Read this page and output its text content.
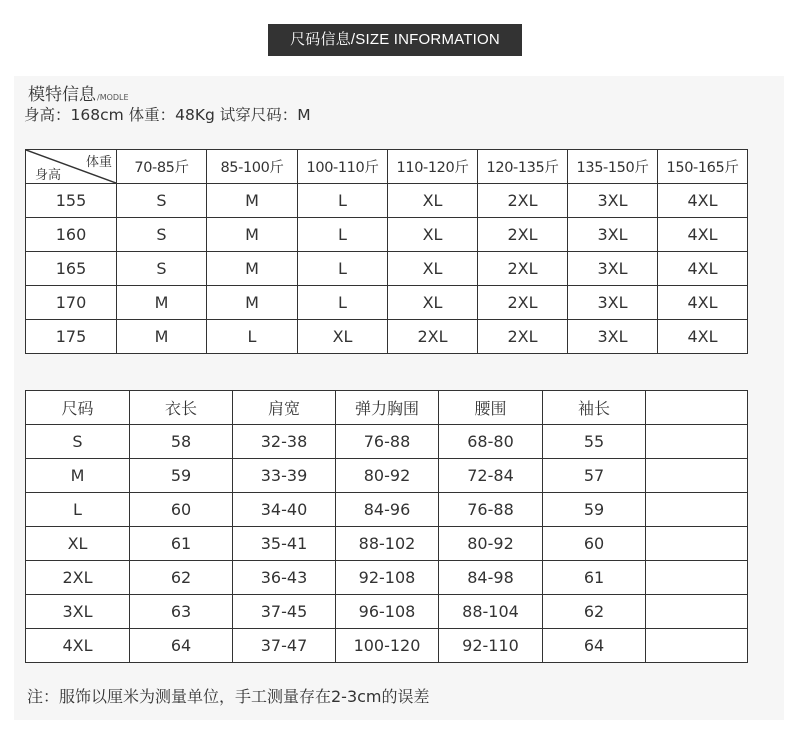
尺码信息/SIZE INFORMATION
模特信息/MODLE
身高：168cm 体重：48Kg 试穿尺码：M
体重
身高	70-85斤	85-100斤	100-110斤	110-120斤	120-135斤	135-150斤	150-165斤
155	S	M	L	XL	2XL	3XL	4XL
160	S	M	L	XL	2XL	3XL	4XL
165	S	M	L	XL	2XL	3XL	4XL
170	M	M	L	XL	2XL	3XL	4XL
175	M	L	XL	2XL	2XL	3XL	4XL
尺码	衣长	肩宽	弹力胸围	腰围	袖长	
S	58	32-38	76-88	68-80	55	
M	59	33-39	80-92	72-84	57	
L	60	34-40	84-96	76-88	59	
XL	61	35-41	88-102	80-92	60	
2XL	62	36-43	92-108	84-98	61	
3XL	63	37-45	96-108	88-104	62	
4XL	64	37-47	100-120	92-110	64	
注：服饰以厘米为测量单位，手工测量存在2-3cm的误差
